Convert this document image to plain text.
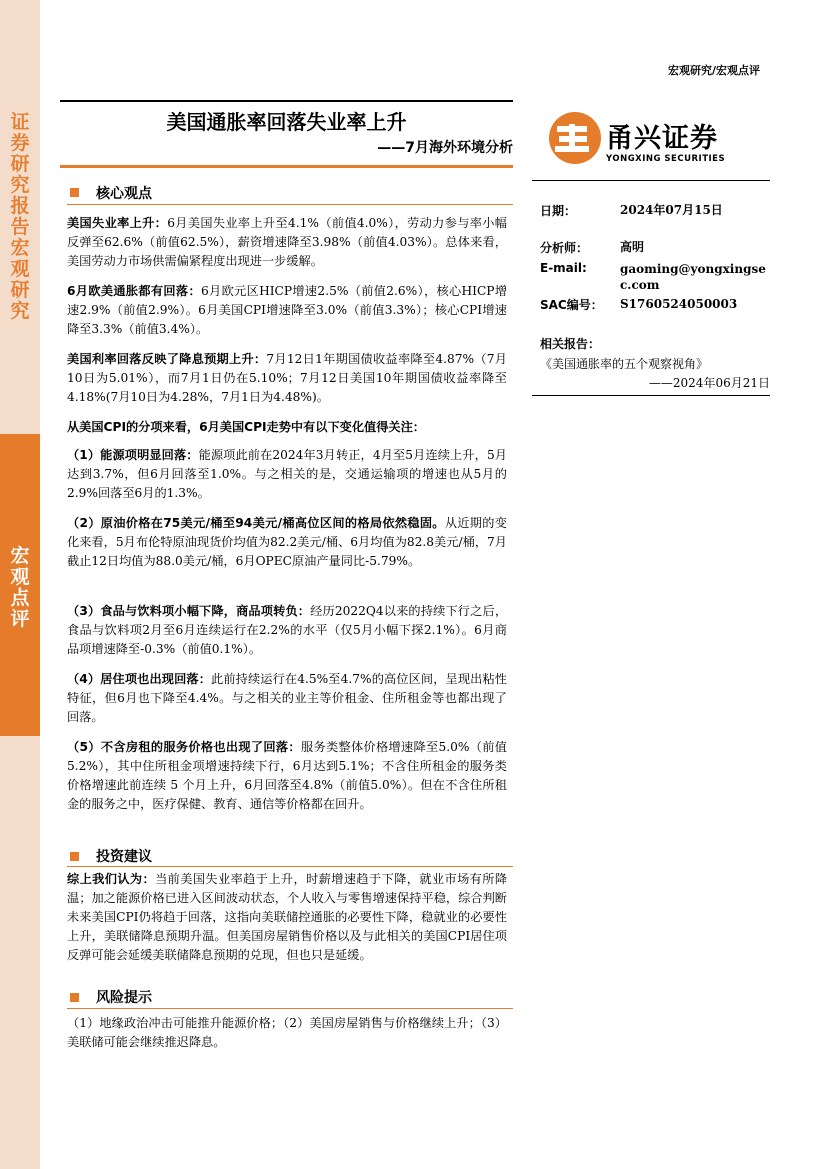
证券研究报告 宏观研究
宏观点评
宏观研究/宏观点评
美国通胀率回落失业率上升
——7月海外环境分析	甬兴证券
YONGXING SECURITIES
核心观点
美国失业率上升：6月美国失业率上升至4.1%（前值4.0%），劳动力参与率小幅反弹至62.6%（前值62.5%），薪资增速降至3.98%（前值4.03%）。总体来看，美国劳动力市场供需偏紧程度出现进一步缓解。
6月欧美通胀都有回落：6月欧元区HICP增速2.5%（前值2.6%），核心HICP增速2.9%（前值2.9%）。6月美国CPI增速降至3.0%（前值3.3%）；核心CPI增速降至3.3%（前值3.4%）。
美国利率回落反映了降息预期上升：7月12日1年期国债收益率降至4.87%（7月10日为5.01%），而7月1日仍在5.10%；7月12日美国10年期国债收益率降至4.18%(7月10日为4.28%，7月1日为4.48%)。
从美国CPI的分项来看，6月美国CPI走势中有以下变化值得关注：
（1）能源项明显回落：能源项此前在2024年3月转正，4月至5月连续上升，5月达到3.7%，但6月回落至1.0%。与之相关的是，交通运输项的增速也从5月的2.9%回落至6月的1.3%。
（2）原油价格在75美元/桶至94美元/桶高位区间的格局依然稳固。从近期的变化来看，5月布伦特原油现货价均值为82.2美元/桶、6月均值为82.8美元/桶，7月截止12日均值为88.0美元/桶，6月OPEC原油产量同比-5.79%。
（3）食品与饮料项小幅下降，商品项转负：经历2022Q4以来的持续下行之后，食品与饮料项2月至6月连续运行在2.2%的水平（仅5月小幅下探2.1%）。6月商品项增速降至-0.3%（前值0.1%）。
（4）居住项也出现回落：此前持续运行在4.5%至4.7%的高位区间，呈现出粘性特征，但6月也下降至4.4%。与之相关的业主等价租金、住所租金等也都出现了回落。
（5）不含房租的服务价格也出现了回落：服务类整体价格增速降至5.0%（前值5.2%），其中住所租金项增速持续下行，6月达到5.1%；不含住所租金的服务类价格增速此前连续 5 个月上升，6月回落至4.8%（前值5.0%）。但在不含住所租金的服务之中，医疗保健、教育、通信等价格都在回升。
投资建议
综上我们认为：当前美国失业率趋于上升，时薪增速趋于下降，就业市场有所降温；加之能源价格已进入区间波动状态，个人收入与零售增速保持平稳，综合判断未来美国CPI仍将趋于回落，这指向美联储控通胀的必要性下降，稳就业的必要性上升，美联储降息预期升温。但美国房屋销售价格以及与此相关的美国CPI居住项反弹可能会延缓美联储降息预期的兑现，但也只是延缓。
风险提示
（1）地缘政治冲击可能推升能源价格；（2）美国房屋销售与价格继续上升；（3）美联储可能会继续推迟降息。
日期：	2024年07月15日
分析师：	高明
E-mail:	gaoming@yongxingsec.com
SAC编号： S1760524050003
相关报告：
《美国通胀率的五个观察视角》
——2024年06月21日
